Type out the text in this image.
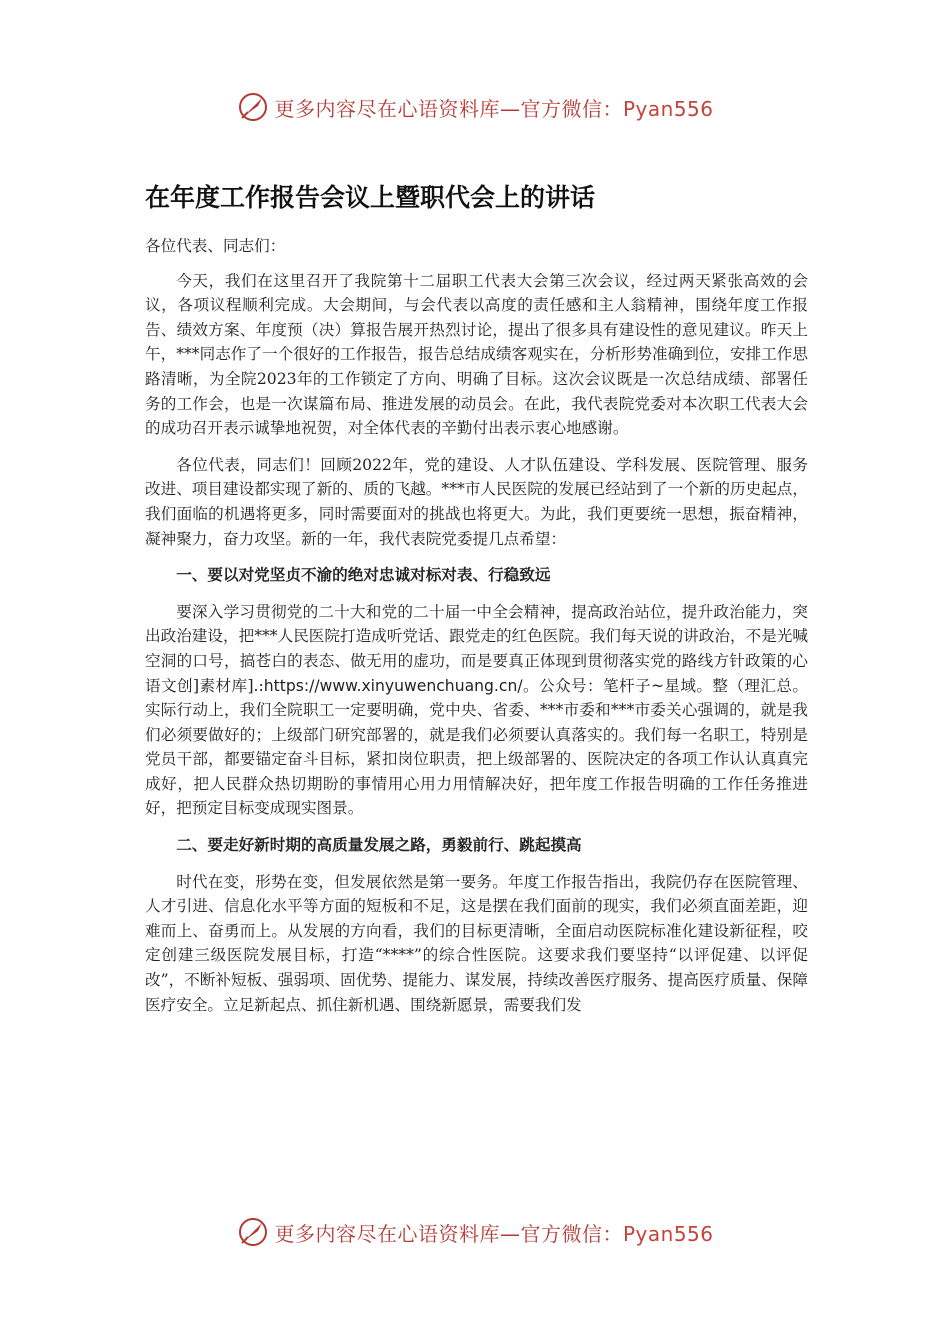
更多内容尽在心语资料库—官方微信：Pyan556
在年度工作报告会议上暨职代会上的讲话

各位代表、同志们：

今天，我们在这里召开了我院第十二届职工代表大会第三次会议，经过两天紧张高效的会议，各项议程顺利完成。大会期间，与会代表以高度的责任感和主人翁精神，围绕年度工作报告、绩效方案、年度预（决）算报告展开热烈讨论，提出了很多具有建设性的意见建议。昨天上午，***同志作了一个很好的工作报告，报告总结成绩客观实在，分析形势准确到位，安排工作思路清晰，为全院2023年的工作锁定了方向、明确了目标。这次会议既是一次总结成绩、部署任务的工作会，也是一次谋篇布局、推进发展的动员会。在此，我代表院党委对本次职工代表大会的成功召开表示诚挚地祝贺，对全体代表的辛勤付出表示衷心地感谢。

各位代表，同志们！回顾2022年，党的建设、人才队伍建设、学科发展、医院管理、服务改进、项目建设都实现了新的、质的飞越。***市人民医院的发展已经站到了一个新的历史起点，我们面临的机遇将更多，同时需要面对的挑战也将更大。为此，我们更要统一思想，振奋精神，凝神聚力，奋力攻坚。新的一年，我代表院党委提几点希望：

一、要以对党坚贞不渝的绝对忠诚对标对表、行稳致远

要深入学习贯彻党的二十大和党的二十届一中全会精神，提高政治站位，提升政治能力，突出政治建设，把***人民医院打造成听党话、跟党走的红色医院。我们每天说的讲政治，不是光喊空洞的口号，搞苍白的表态、做无用的虚功，而是要真正体现到贯彻落实党的路线方针政策的心语文创]素材库].:https://www.xinyuwenchuang.cn/。公众号：笔杆子~星域。整（理汇总。实际行动上，我们全院职工一定要明确，党中央、省委、***市委和***市委关心强调的，就是我们必须要做好的；上级部门研究部署的，就是我们必须要认真落实的。我们每一名职工，特别是党员干部，都要锚定奋斗目标，紧扣岗位职责，把上级部署的、医院决定的各项工作认认真真完成好，把人民群众热切期盼的事情用心用力用情解决好，把年度工作报告明确的工作任务推进好，把预定目标变成现实图景。

二、要走好新时期的高质量发展之路，勇毅前行、跳起摸高

时代在变，形势在变，但发展依然是第一要务。年度工作报告指出，我院仍存在医院管理、人才引进、信息化水平等方面的短板和不足，这是摆在我们面前的现实，我们必须直面差距，迎难而上、奋勇而上。从发展的方向看，我们的目标更清晰，全面启动医院标准化建设新征程，咬定创建三级医院发展目标，打造“****”的综合性医院。这要求我们要坚持“以评促建、以评促改”，不断补短板、强弱项、固优势、提能力、谋发展，持续改善医疗服务、提高医疗质量、保障医疗安全。立足新起点、抓住新机遇、围绕新愿景，需要我们发

更多内容尽在心语资料库—官方微信：Pyan556
